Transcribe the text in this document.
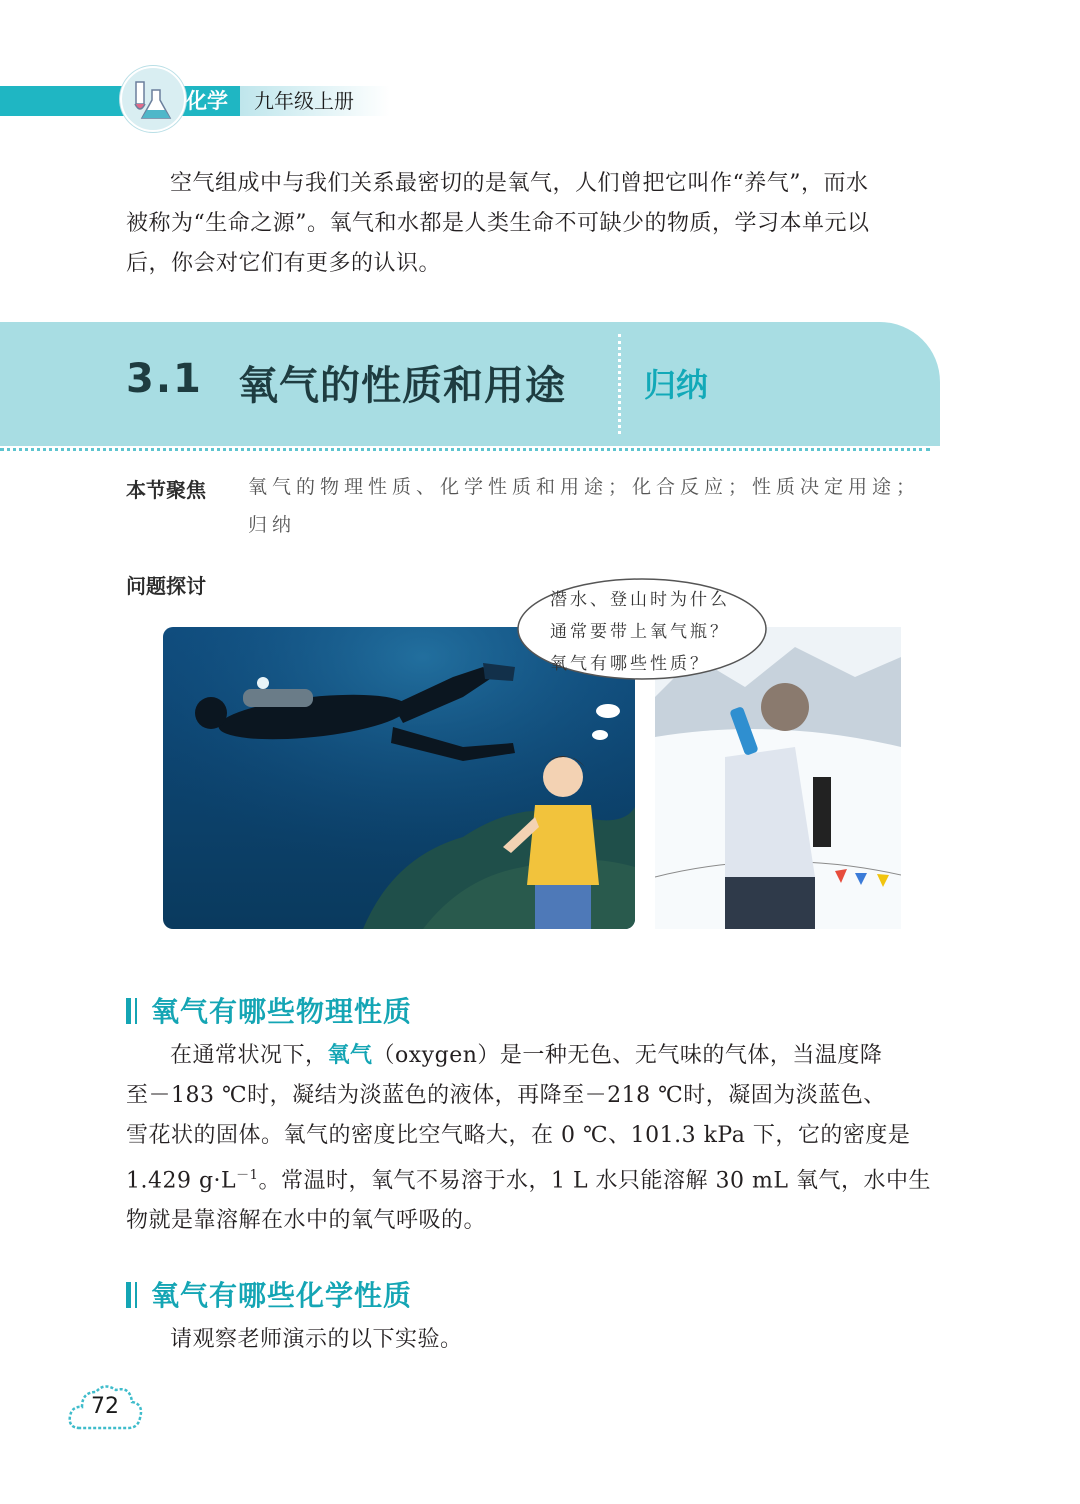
化学 九年级上册

空气组成中与我们关系最密切的是氧气，人们曾把它叫作“养气”，而水

被称为“生命之源”。氧气和水都是人类生命不可缺少的物质，学习本单元以
后，你会对它们有更多的认识。
3.1 氧气的性质和用途 归纳
本节聚焦 氧气的物理性质、化学性质和用途；化合反应；性质决定用途；归纳
问题探讨
潜水、登山时为什么
通常要带上氧气瓶？
氧气有哪些性质？
氧气有哪些物理性质

在通常状况下，氧气（oxygen）是一种无色、无气味的气体，当温度降

至－183 ℃时，凝结为淡蓝色的液体，再降至－218 ℃时，凝固为淡蓝色、
雪花状的固体。氧气的密度比空气略大，在 0 ℃、101.3 kPa 下，它的密度是
1.429 $g\cdot L^{-1}$。常温时，氧气不易溶于水，1 L 水只能溶解 30 mL 氧气，水中生
物就是靠溶解在水中的氧气呼吸的。
氧气有哪些化学性质

请观察老师演示的以下实验。

72
